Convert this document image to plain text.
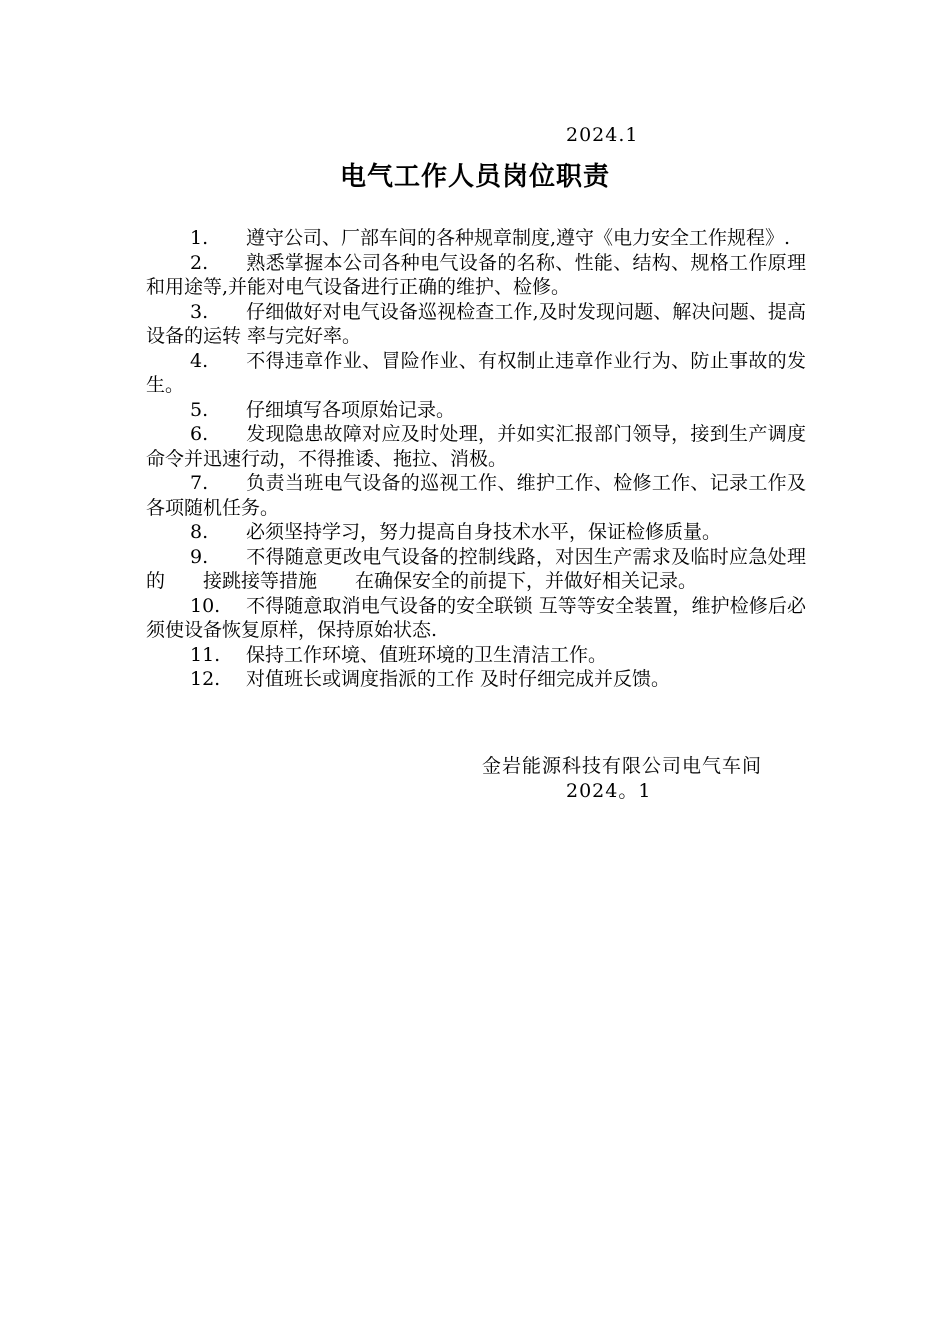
2024.1
电气工作人员岗位职责
1. 遵守公司、厂部车间的各种规章制度,遵守《电力安全工作规程》.
2. 熟悉掌握本公司各种电气设备的名称、性能、结构、规格工作原理和用途等,并能对电气设备进行正确的维护、检修。
3. 仔细做好对电气设备巡视检查工作,及时发现问题、解决问题、提高设备的运转 率与完好率。
4. 不得违章作业、冒险作业、有权制止违章作业行为、防止事故的发生。
5. 仔细填写各项原始记录。
6. 发现隐患故障对应及时处理，并如实汇报部门领导，接到生产调度命令并迅速行动，不得推诿、拖拉、消极。
7. 负责当班电气设备的巡视工作、维护工作、检修工作、记录工作及各项随机任务。
8. 必须坚持学习，努力提高自身技术水平，保证检修质量。
9. 不得随意更改电气设备的控制线路，对因生产需求及临时应急处理的　　接跳接等措施　　在确保安全的前提下，并做好相关记录。
10. 不得随意取消电气设备的安全联锁 互等等安全装置，维护检修后必须使设备恢复原样，保持原始状态.
11. 保持工作环境、值班环境的卫生清洁工作。
12. 对值班长或调度指派的工作 及时仔细完成并反馈。
金岩能源科技有限公司电气车间
2024。1
